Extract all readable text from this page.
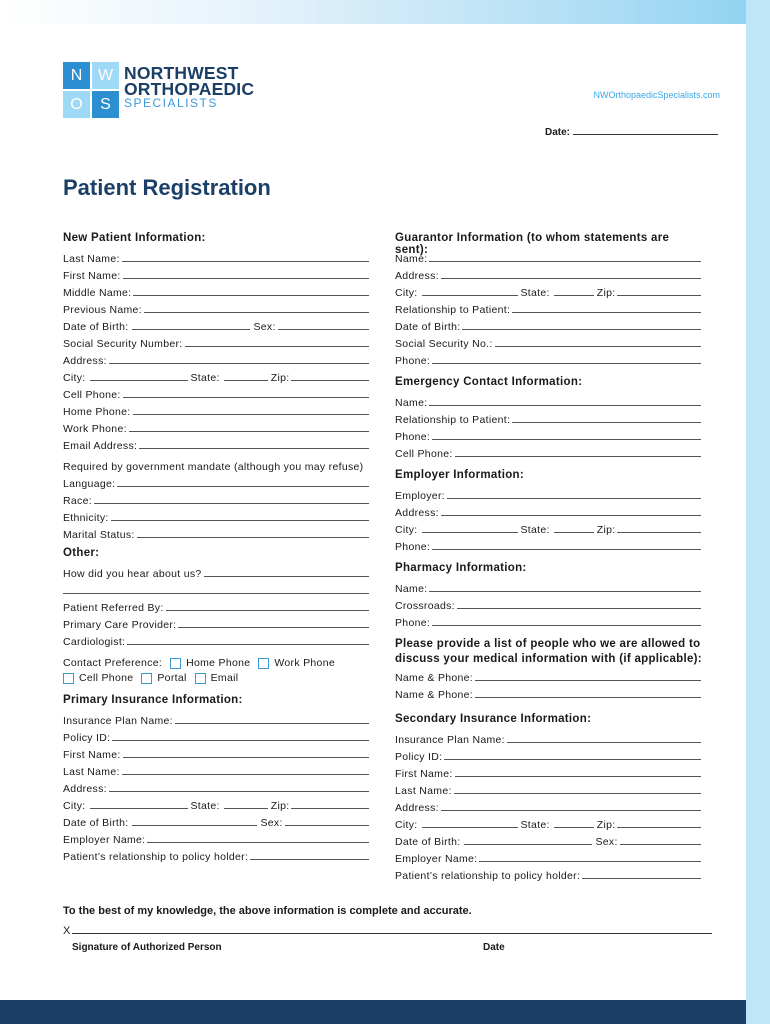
N W
O	S
NORTHWEST
ORTHOPAEDIC
SPECIALISTS
NWOrthopaedicSpecialists.com
Date:
Patient Registration
New Patient Information:
Last Name:
First Name:
Middle Name:
Previous Name:
Date of Birth:	Sex:
Social Security Number:
Address:
City:	State:	Zip:
Cell Phone:
Home Phone:
Work Phone:
Email Address:
Required by government mandate (although you may refuse)
Language:
Race:
Ethnicity:
Marital Status:
Other:
How did you hear about us?
Patient Referred By:
Primary Care Provider:
Cardiologist:
Contact Preference: Home Phone Work Phone
Cell Phone Portal Email
Primary Insurance Information:
Insurance Plan Name:
Policy ID:
First Name:
Last Name:
Address:
City:	State:	Zip:
Date of Birth:	Sex:
Employer Name:
Patient’s relationship to policy holder:
Guarantor Information (to whom statements are sent):
Name:
Address:
City:	State:	Zip:
Relationship to Patient:
Date of Birth:
Social Security No.:
Phone:
Emergency Contact Information:
Name:
Relationship to Patient:
Phone:
Cell Phone:
Employer Information:
Employer:
Address:
City:	State:	Zip:
Phone:
Pharmacy Information:
Name:
Crossroads:
Phone:
Please provide a list of people who we are allowed to
discuss your medical information with (if applicable):
Name & Phone:
Name & Phone:
Secondary Insurance Information:
Insurance Plan Name:
Policy ID:
First Name:
Last Name:
Address:
City:	State:	Zip:
Date of Birth:	Sex:
Employer Name:
Patient’s relationship to policy holder:
To the best of my knowledge, the above information is complete and accurate.
X
Signature of Authorized Person	Date
